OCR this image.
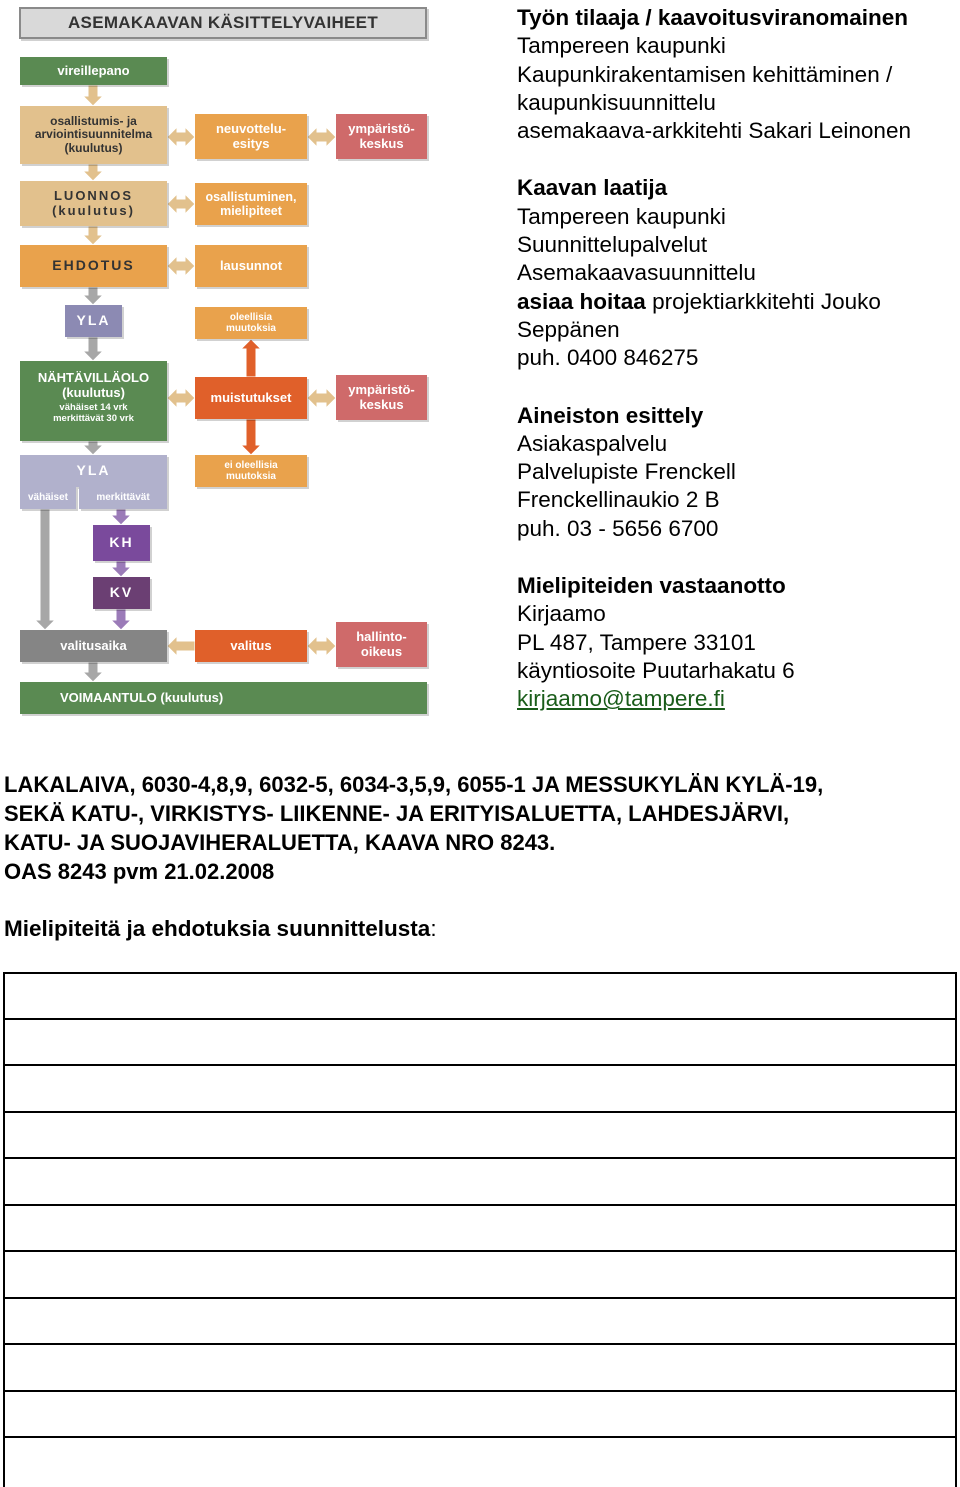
ASEMAKAAVAN KÄSITTELYVAIHEET
vireillepano
osallistumis- ja
arviointisuunnitelma
(kuulutus)
neuvottelu-
esitys
ympäristö-
keskus
LUONNOS
(kuulutus)
osallistuminen,
mielipiteet
EHDOTUS	lausunnot
YLA	oleellisia
muutoksia
NÄHTÄVILLÄOLO
(kuulutus)
vähäiset 14 vrk
merkittävät 30 vrk
muistutukset
ympäristö-
keskus
YLA
vähäiset	merkittävät
ei oleellisia
muutoksia
KH
KV
valitusaika	valitus
hallinto-
oikeus
VOIMAANTULO (kuulutus)
Työn tilaaja / kaavoitusviranomainen
Tampereen kaupunki
Kaupunkirakentamisen kehittäminen /
kaupunkisuunnittelu
asemakaava-arkkitehti Sakari Leinonen
Kaavan laatija
Tampereen kaupunki
Suunnittelupalvelut
Asemakaavasuunnittelu
asiaa hoitaa projektiarkkitehti Jouko
Seppänen
puh. 0400 846275
Aineiston esittely
Asiakaspalvelu
Palvelupiste Frenckell
Frenckellinaukio 2 B
puh. 03 - 5656 6700
Mielipiteiden vastaanotto
Kirjaamo
PL 487, Tampere 33101
käyntiosoite Puutarhakatu 6
kirjaamo@tampere.fi
LAKALAIVA, 6030-4,8,9, 6032-5, 6034-3,5,9, 6055-1 JA MESSUKYLÄN KYLÄ-19,
SEKÄ KATU-, VIRKISTYS- LIIKENNE- JA ERITYISALUETTA, LAHDESJÄRVI,
KATU- JA SUOJAVIHERALUETTA, KAAVA NRO 8243.
OAS 8243 pvm 21.02.2008
Mielipiteitä ja ehdotuksia suunnittelusta:
